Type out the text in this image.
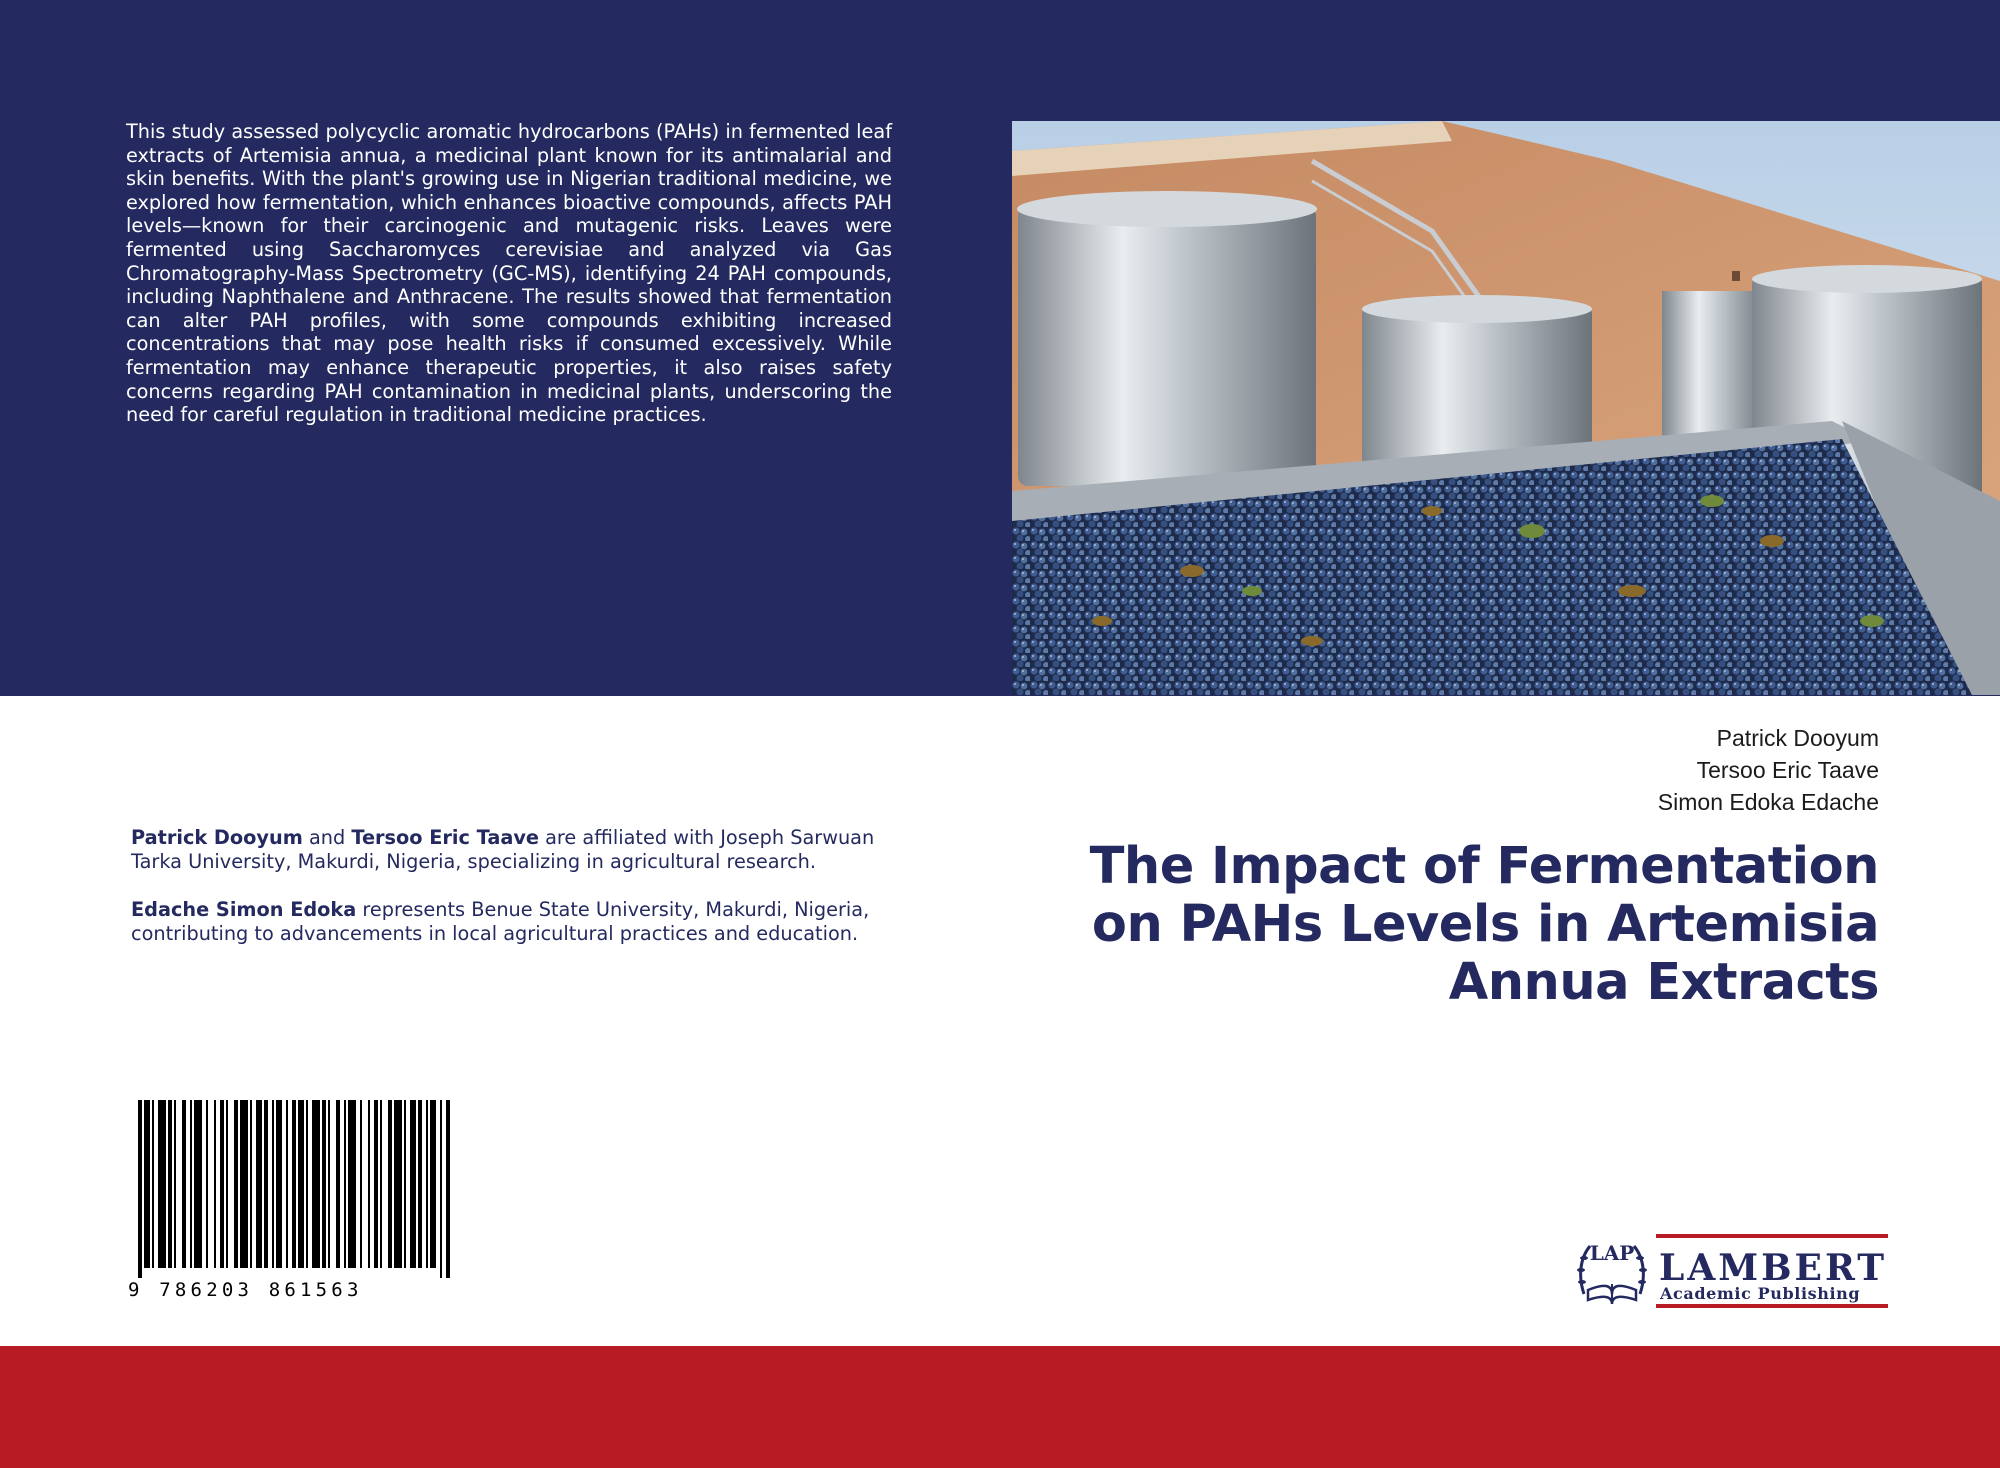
This study assessed polycyclic aromatic hydrocarbons (PAHs) in fermented leaf extracts of Artemisia annua, a medicinal plant known for its antimalarial and skin benefits. With the plant's growing use in Nigerian traditional medicine, we explored how fermentation, which enhances bioactive compounds, affects PAH levels—known for their carcinogenic and mutagenic risks. Leaves were fermented using Saccharomyces cerevisiae and analyzed via Gas Chromatography-Mass Spectrometry (GC-MS), identifying 24 PAH compounds, including Naphthalene and Anthracene. The results showed that fermentation can alter PAH profiles, with some compounds exhibiting increased concentrations that may pose health risks if consumed excessively. While fermentation may enhance therapeutic properties, it also raises safety concerns regarding PAH contamination in medicinal plants, underscoring the need for careful regulation in traditional medicine practices.
Patrick Dooyum
Tersoo Eric Taave
Simon Edoka Edache
The Impact of Fermentation
on PAHs Levels in Artemisia
Annua Extracts

Patrick Dooyum and Tersoo Eric Taave are affiliated with Joseph Sarwuan Tarka University, Makurdi, Nigeria, specializing in agricultural research.

Edache Simon Edoka represents Benue State University, Makurdi, Nigeria, contributing to advancements in local agricultural practices and education.

9 786203 861563
LAP LAMBERT
Academic Publishing
